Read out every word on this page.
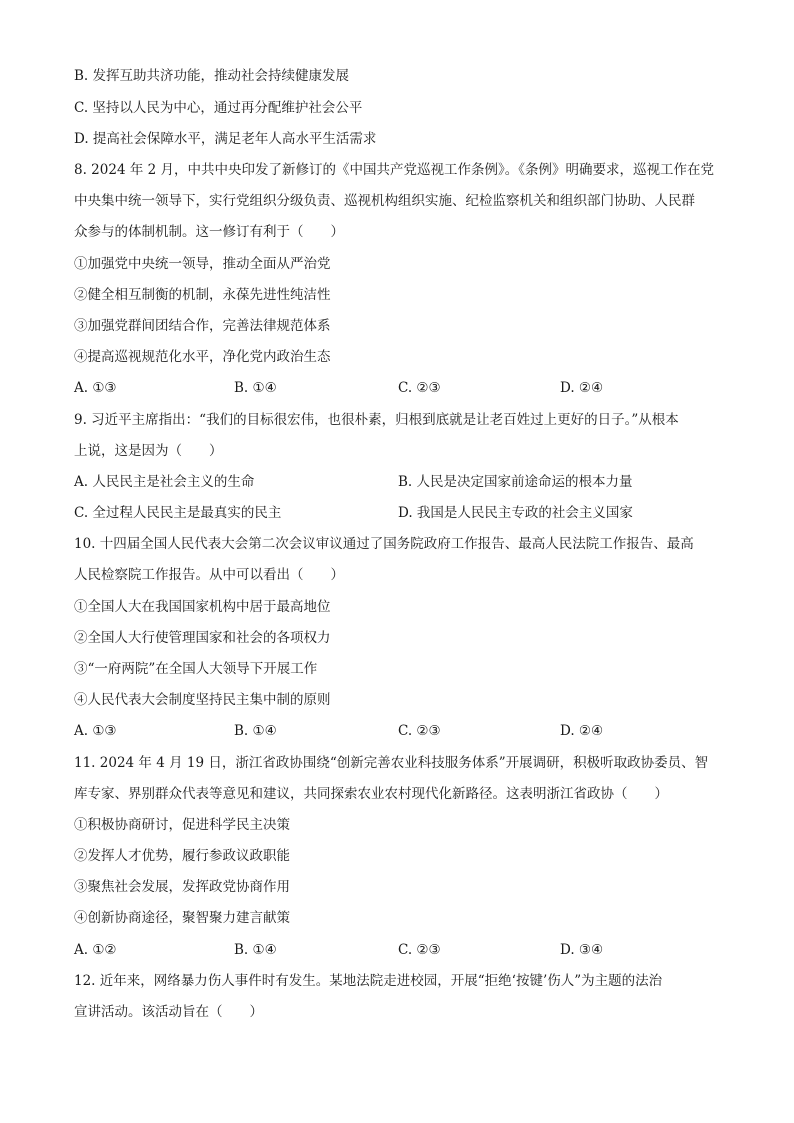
B. 发挥互助共济功能，推动社会持续健康发展
C. 坚持以人民为中心，通过再分配维护社会公平
D. 提高社会保障水平，满足老年人高水平生活需求
8. 2024 年 2 月，中共中央印发了新修订的《中国共产党巡视工作条例》。《条例》明确要求，巡视工作在党
中央集中统一领导下，实行党组织分级负责、巡视机构组织实施、纪检监察机关和组织部门协助、人民群
众参与的体制机制。这一修订有利于（　　）
①加强党中央统一领导，推动全面从严治党
②健全相互制衡的机制，永葆先进性纯洁性
③加强党群间团结合作，完善法律规范体系
④提高巡视规范化水平，净化党内政治生态
A. ①③	B. ①④	C. ②③	D. ②④
9. 习近平主席指出：“我们的目标很宏伟，也很朴素，归根到底就是让老百姓过上更好的日子。”从根本
上说，这是因为（　　）
A. 人民民主是社会主义的生命	B. 人民是决定国家前途命运的根本力量
C. 全过程人民民主是最真实的民主	D. 我国是人民民主专政的社会主义国家
10. 十四届全国人民代表大会第二次会议审议通过了国务院政府工作报告、最高人民法院工作报告、最高
人民检察院工作报告。从中可以看出（　　）
①全国人大在我国国家机构中居于最高地位
②全国人大行使管理国家和社会的各项权力
③“一府两院”在全国人大领导下开展工作
④人民代表大会制度坚持民主集中制的原则
A. ①③	B. ①④	C. ②③	D. ②④
11. 2024 年 4 月 19 日，浙江省政协围绕“创新完善农业科技服务体系”开展调研，积极听取政协委员、智
库专家、界别群众代表等意见和建议，共同探索农业农村现代化新路径。这表明浙江省政协（　　）
①积极协商研讨，促进科学民主决策
②发挥人才优势，履行参政议政职能
③聚焦社会发展，发挥政党协商作用
④创新协商途径，聚智聚力建言献策
A. ①②	B. ①④	C. ②③	D. ③④
12. 近年来，网络暴力伤人事件时有发生。某地法院走进校园，开展“拒绝‘按键’伤人”为主题的法治
宣讲活动。该活动旨在（　　）
